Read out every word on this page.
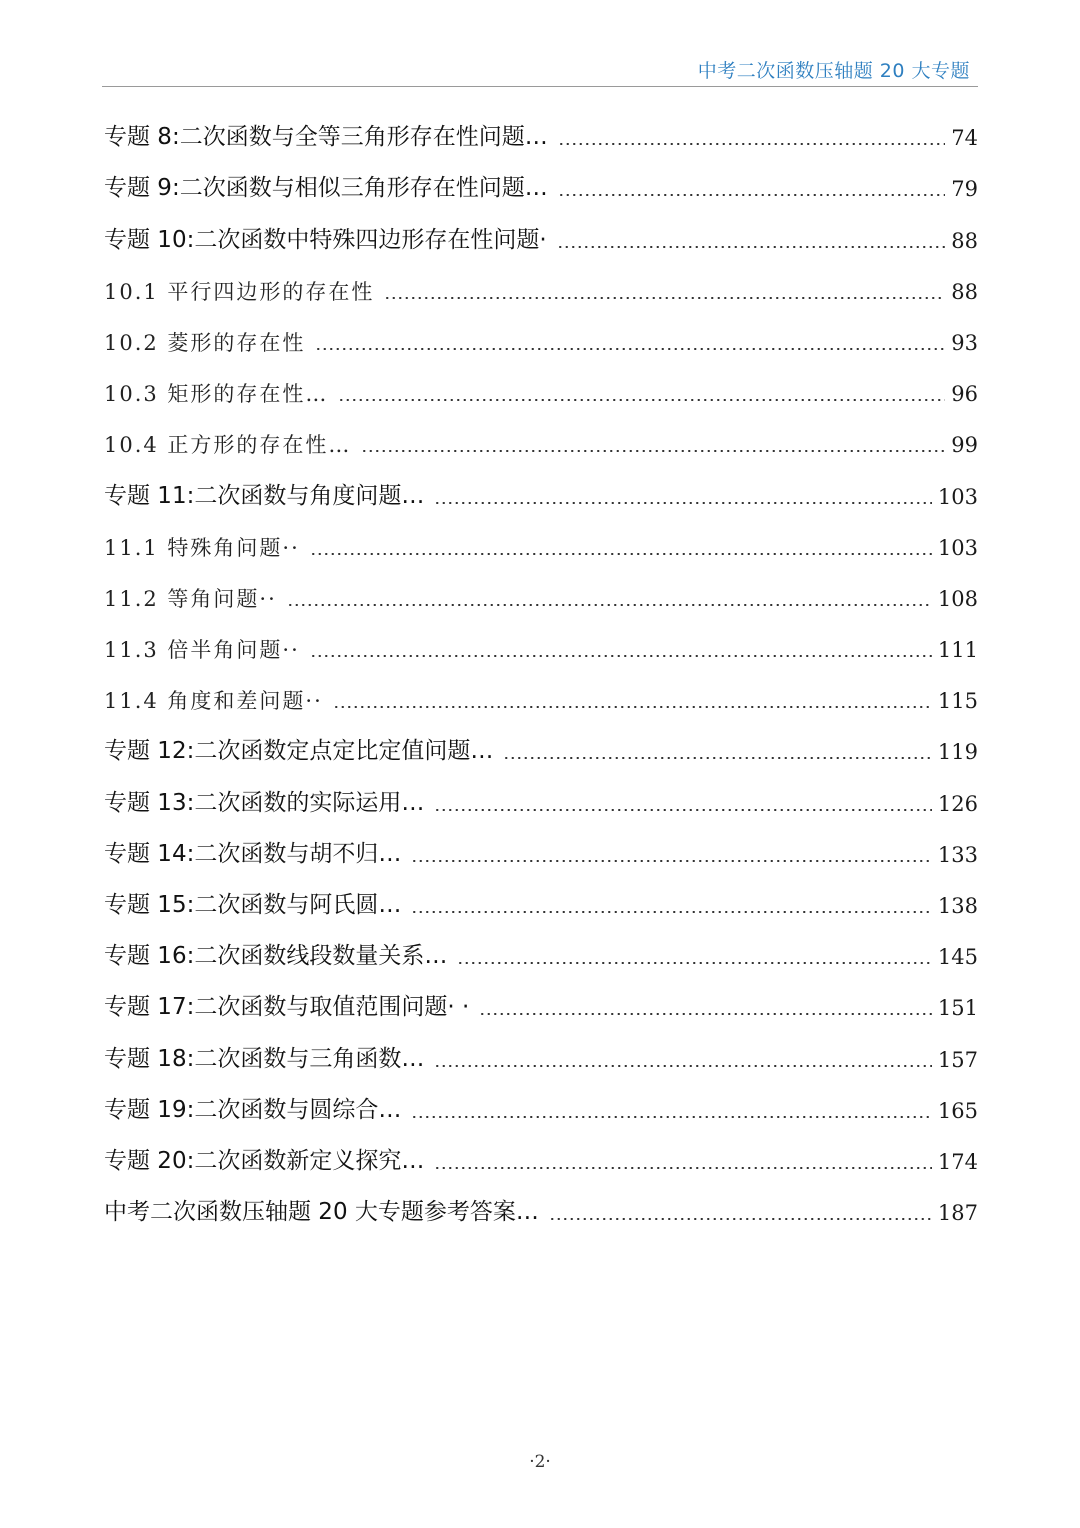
中考二次函数压轴题 20 大专题
专题 8:二次函数与全等三角形存在性问题…	74
专题 9:二次函数与相似三角形存在性问题…	79
专题 10:二次函数中特殊四边形存在性问题·	88
10.1 平行四边形的存在性	88
10.2 菱形的存在性	93
10.3 矩形的存在性…	96
10.4 正方形的存在性…	99
专题 11:二次函数与角度问题…	103
11.1 特殊角问题··	103
11.2 等角问题··	108
11.3 倍半角问题··	111
11.4 角度和差问题··	115
专题 12:二次函数定点定比定值问题…	119
专题 13:二次函数的实际运用…	126
专题 14:二次函数与胡不归…	133
专题 15:二次函数与阿氏圆…	138
专题 16:二次函数线段数量关系…	145
专题 17:二次函数与取值范围问题· ·	151
专题 18:二次函数与三角函数…	157
专题 19:二次函数与圆综合…	165
专题 20:二次函数新定义探究…	174
中考二次函数压轴题 20 大专题参考答案…	187
·2·
